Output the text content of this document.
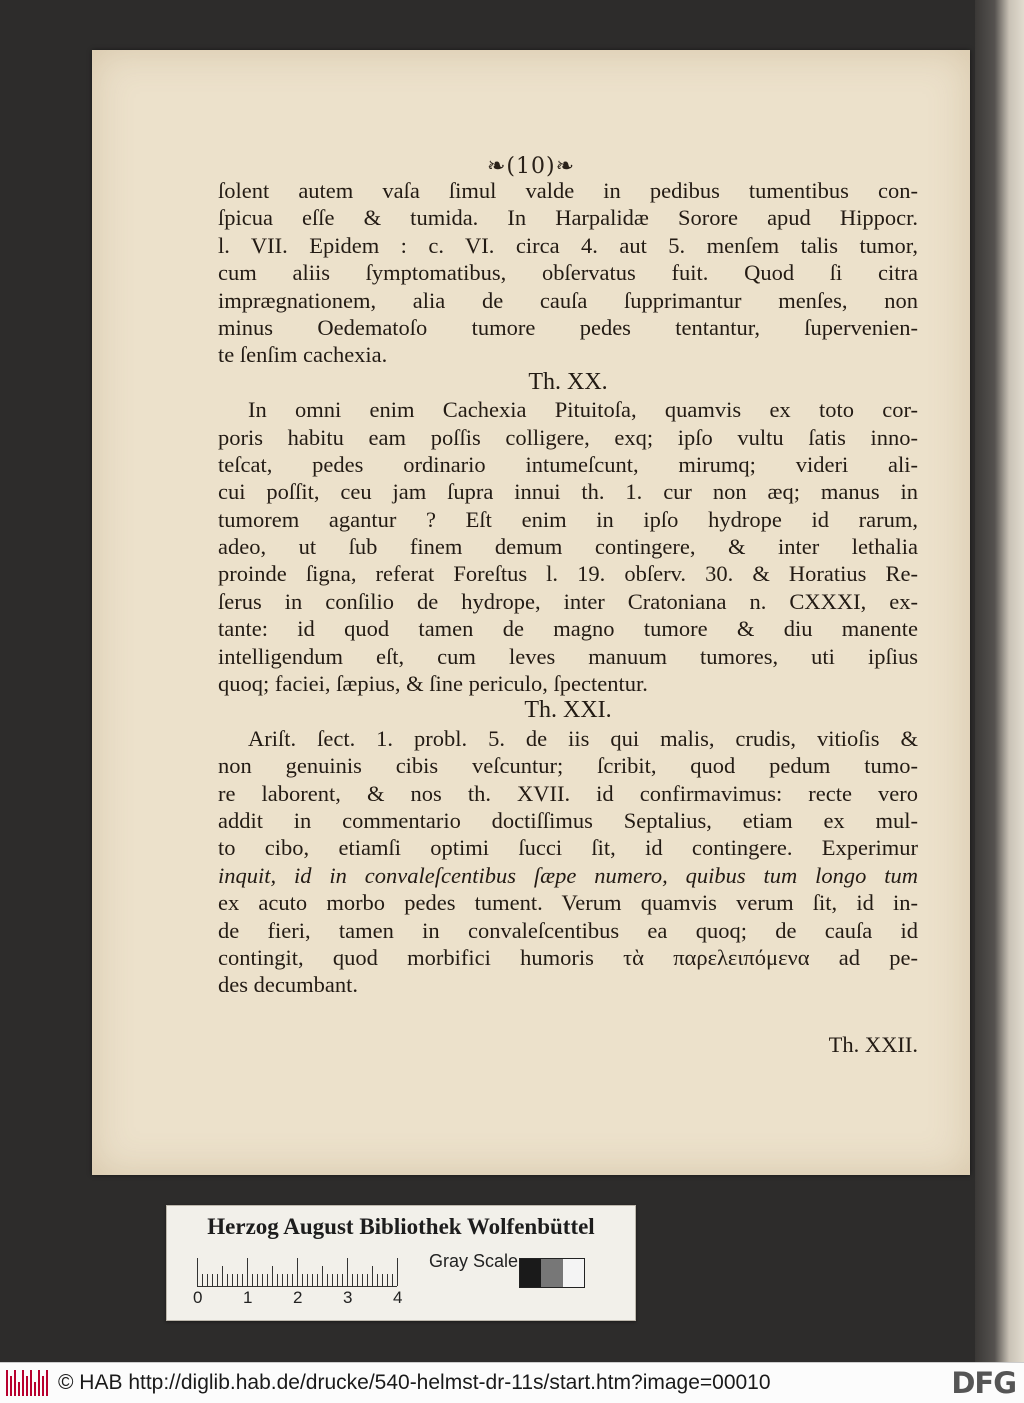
❧(10)❧
ſolent autem vaſa ſimul valde in pedibus tumentibus con-
ſpicua eſſe & tumida. In Harpalidæ Sorore apud Hippocr.
l. VII. Epidem : c. VI. circa 4. aut 5. menſem talis tumor,
cum aliis ſymptomatibus, obſervatus fuit. Quod ſi citra
imprægnationem, alia de cauſa ſupprimantur menſes, non
minus Oedematoſo tumore pedes tentantur, ſupervenien-
te ſenſim cachexia.
Th. XX.
In omni enim Cachexia Pituitoſa, quamvis ex toto cor-
poris habitu eam poſſis colligere, exq; ipſo vultu ſatis inno-
teſcat, pedes ordinario intumeſcunt, mirumq; videri ali-
cui poſſit, ceu jam ſupra innui th. 1. cur non æq; manus in
tumorem agantur ? Eſt enim in ipſo hydrope id rarum,
adeo, ut ſub finem demum contingere, & inter lethalia
proinde ſigna, referat Foreſtus l. 19. obſerv. 30. & Horatius Re-
ſerus in conſilio de hydrope, inter Cratoniana n. CXXXI, ex-
tante: id quod tamen de magno tumore & diu manente
intelligendum eſt, cum leves manuum tumores, uti ipſius
quoq; faciei, ſæpius, & ſine periculo, ſpectentur.
Th. XXI.
Ariſt. ſect. 1. probl. 5. de iis qui malis, crudis, vitioſis &
non genuinis cibis veſcuntur; ſcribit, quod pedum tumo-
re laborent, & nos th. XVII. id confirmavimus: recte vero
addit in commentario doctiſſimus Septalius, etiam ex mul-
to cibo, etiamſi optimi ſucci ſit, id contingere. Experimur
inquit, id in convaleſcentibus ſæpe numero, quibus tum longo tum
ex acuto morbo pedes tument. Verum quamvis verum ſit, id in-
de fieri, tamen in convaleſcentibus ea quoq; de cauſa id
contingit, quod morbifici humoris τὰ παρελειπόμενα ad pe-
des decumbant.
Th. XXII.
Herzog August Bibliothek Wolfenbüttel
0 1 2 3 4
Gray Scale
© HAB http://diglib.hab.de/drucke/540-helmst-dr-11s/start.htm?image=00010	DFG
